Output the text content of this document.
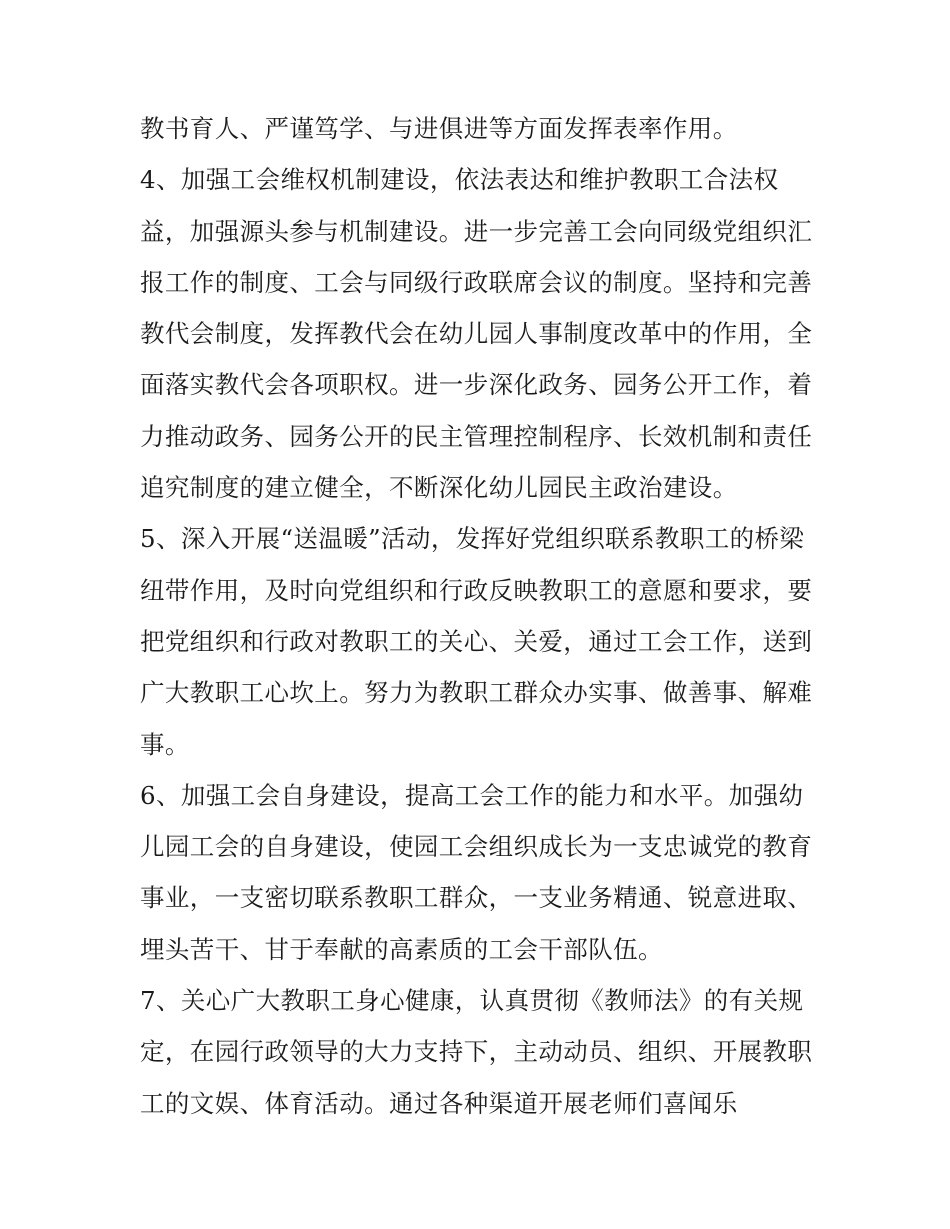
教书育人、严谨笃学、与进俱进等方面发挥表率作用。
4、加强工会维权机制建设，依法表达和维护教职工合法权
益，加强源头参与机制建设。进一步完善工会向同级党组织汇
报工作的制度、工会与同级行政联席会议的制度。坚持和完善
教代会制度，发挥教代会在幼儿园人事制度改革中的作用，全
面落实教代会各项职权。进一步深化政务、园务公开工作，着
力推动政务、园务公开的民主管理控制程序、长效机制和责任
追究制度的建立健全，不断深化幼儿园民主政治建设。
5、深入开展“送温暖”活动，发挥好党组织联系教职工的桥梁
纽带作用，及时向党组织和行政反映教职工的意愿和要求，要
把党组织和行政对教职工的关心、关爱，通过工会工作，送到
广大教职工心坎上。努力为教职工群众办实事、做善事、解难
事。
6、加强工会自身建设，提高工会工作的能力和水平。加强幼
儿园工会的自身建设，使园工会组织成长为一支忠诚党的教育
事业，一支密切联系教职工群众，一支业务精通、锐意进取、
埋头苦干、甘于奉献的高素质的工会干部队伍。
7、关心广大教职工身心健康，认真贯彻《教师法》的有关规
定，在园行政领导的大力支持下，主动动员、组织、开展教职
工的文娱、体育活动。通过各种渠道开展老师们喜闻乐
